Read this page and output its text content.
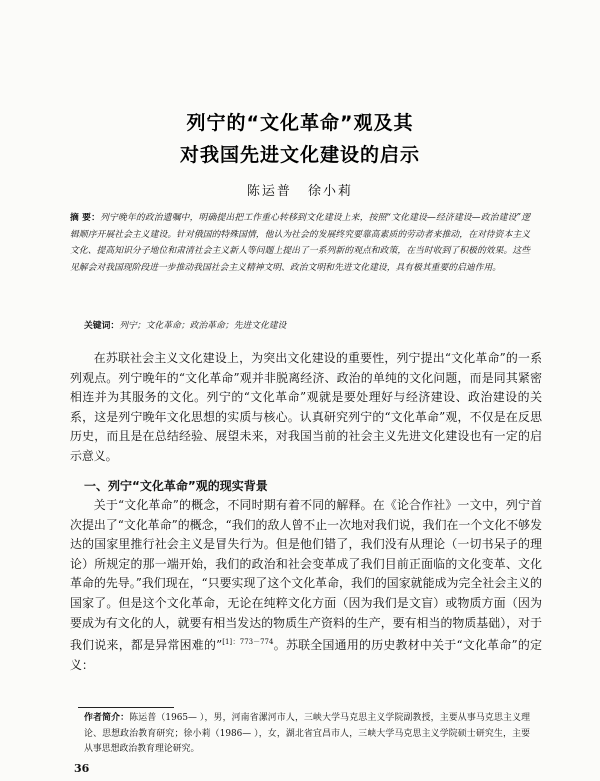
列宁的“文化革命”观及其
对我国先进文化建设的启示
陈运普 徐小莉
摘 要：列宁晚年的政治遗嘱中，明确提出把工作重心转移到文化建设上来，按照“文化建设—经济建设—政治建设”逻辑顺序开展社会主义建设。针对俄国的特殊国情，他认为社会的发展终究要靠高素质的劳动者来推动，在对待资本主义文化、提高知识分子地位和肃清社会主义新人等问题上提出了一系列新的观点和政策，在当时收到了积极的效果。这些见解会对我国现阶段进一步推动我国社会主义精神文明、政治文明和先进文化建设，具有极其重要的启迪作用。
关键词：列宁；文化革命；政治革命；先进文化建设
在苏联社会主义文化建设上，为突出文化建设的重要性，列宁提出“文化革命”的一系列观点。列宁晚年的“文化革命”观并非脱离经济、政治的单纯的文化问题，而是同其紧密相连并为其服务的文化。列宁的“文化革命”观就是要处理好与经济建设、政治建设的关系，这是列宁晚年文化思想的实质与核心。认真研究列宁的“文化革命”观，不仅是在反思历史，而且是在总结经验、展望未来，对我国当前的社会主义先进文化建设也有一定的启示意义。
一、列宁“文化革命”观的现实背景
关于“文化革命”的概念，不同时期有着不同的解释。在《论合作社》一文中，列宁首次提出了“文化革命”的概念，“我们的敌人曾不止一次地对我们说，我们在一个文化不够发达的国家里推行社会主义是冒失行为。但是他们错了，我们没有从理论（一切书呆子的理论）所规定的那一端开始，我们的政治和社会变革成了我们目前正面临的文化变革、文化革命的先导。”我们现在，“只要实现了这个文化革命，我们的国家就能成为完全社会主义的国家了。但是这个文化革命，无论在纯粹文化方面（因为我们是文盲）或物质方面（因为要成为有文化的人，就要有相当发达的物质生产资料的生产，要有相当的物质基础），对于我们说来，都是异常困难的”$^{[1]:773-774}$。苏联全国通用的历史教材中关于“文化革命”的定义：
作者简介：陈运普（1965— ），男，河南省漯河市人，三峡大学马克思主义学院副教授，主要从事马克思主义理论、思想政治教育研究；徐小莉（1986— ），女，湖北省宜昌市人，三峡大学马克思主义学院硕士研究生，主要从事思想政治教育理论研究。
36
